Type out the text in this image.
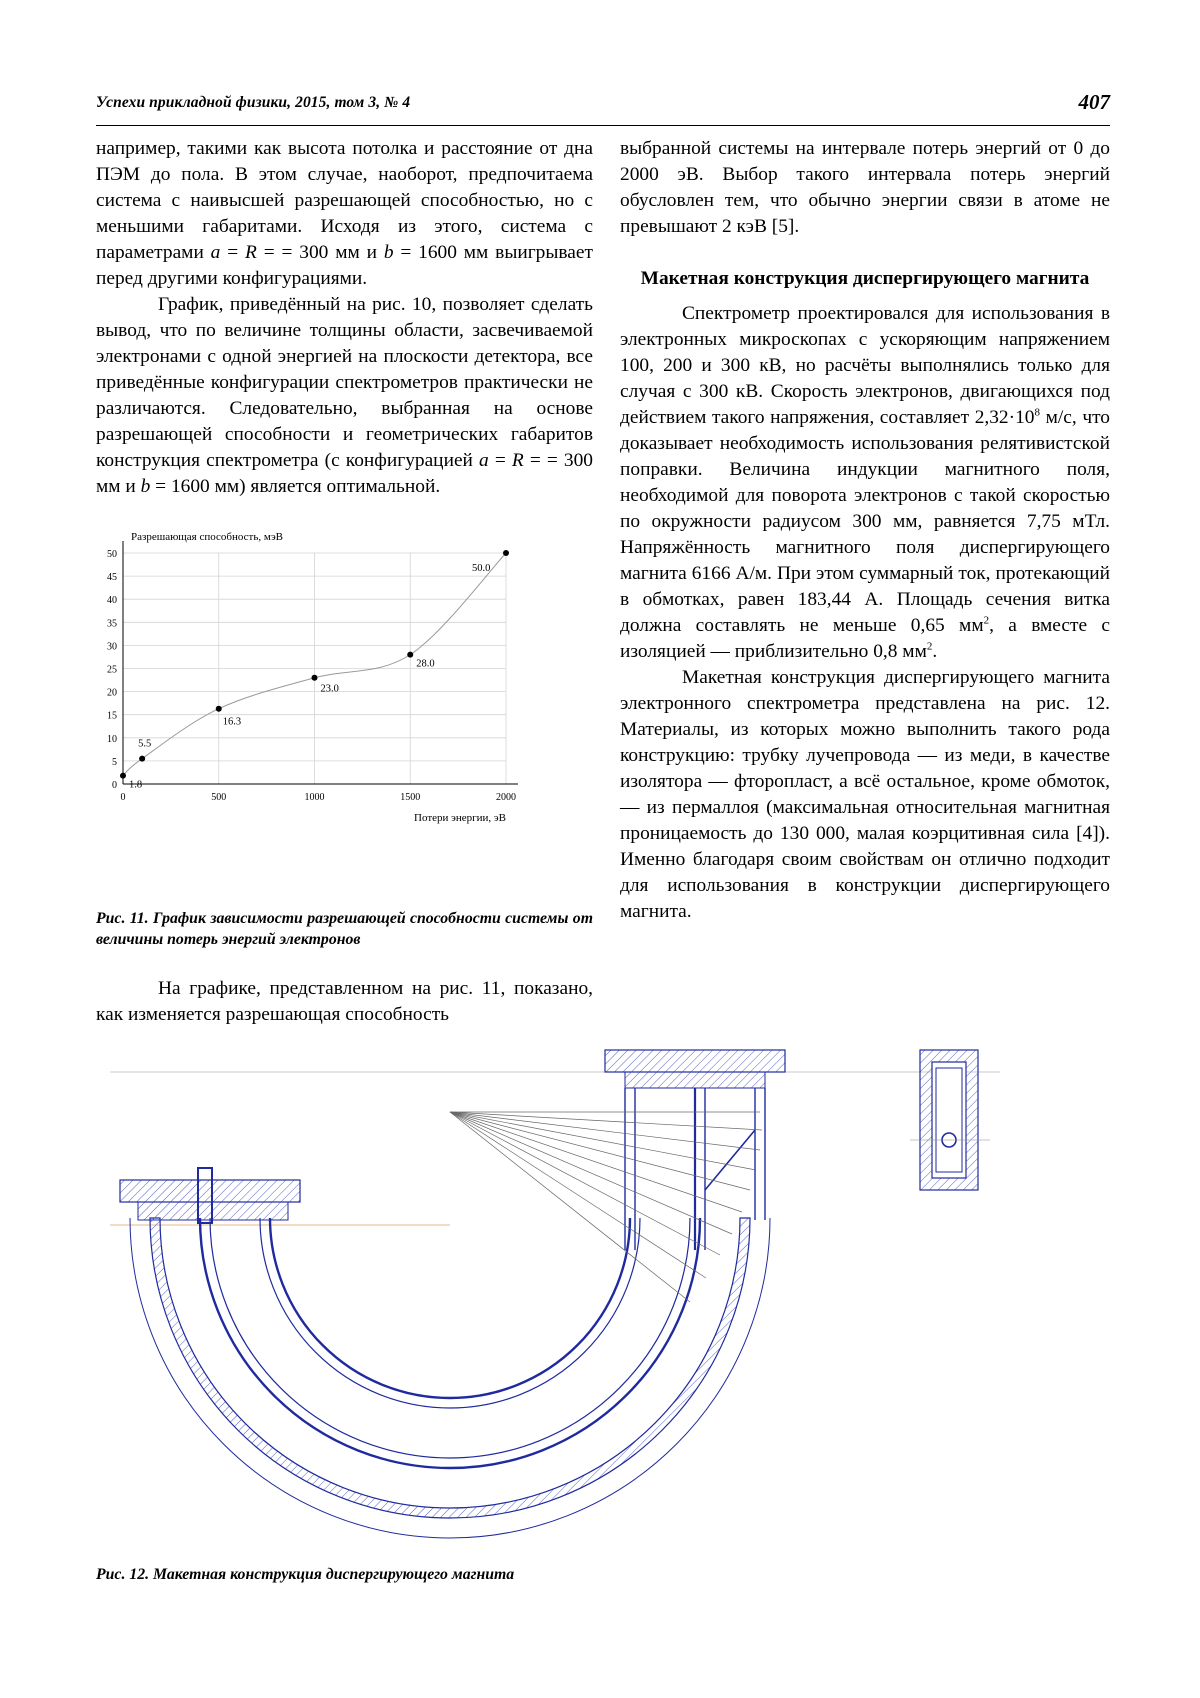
Успехи прикладной физики, 2015, том 3, № 4	407

например, такими как высота потолка и расстояние от дна ПЭМ до пола. В этом случае, наоборот, предпочитаема система с наивысшей разрешающей способностью, но с меньшими габаритами. Исходя из этого, система с параметрами a = R = = 300 мм и b = 1600 мм выигрывает перед другими конфигурациями.

График, приведённый на рис. 10, позволяет сделать вывод, что по величине толщины области, засвечиваемой электронами с одной энергией на плоскости детектора, все приведённые конфигурации спектрометров практически не различаются. Следовательно, выбранная на основе разрешающей способности и геометрических габаритов конструкция спектрометра (с конфигурацией a = R = = 300 мм и b = 1600 мм) является оптимальной.

0
5
10
15
20
25
30
35
40
45
50
0	500	1000	1500	2000
Разрешающая способность, мэВ
Потери энергии, эВ
1.8
5.5
16.3
23.0
28.0
50.0
Рис. 11. График зависимости разрешающей способности системы от величины потерь энергий электронов

На графике, представленном на рис. 11, показано, как изменяется разрешающая способность

выбранной системы на интервале потерь энергий от 0 до 2000 эВ. Выбор такого интервала потерь энергий обусловлен тем, что обычно энергии связи в атоме не превышают 2 кэВ [5].

Макетная конструкция диспергирующего магнита

Спектрометр проектировался для использования в электронных микроскопах с ускоряющим напряжением 100, 200 и 300 кВ, но расчёты выполнялись только для случая с 300 кВ. Скорость электронов, двигающихся под действием такого напряжения, составляет $2,32\cdot 10^8$ м/с, что доказывает необходимость использования релятивистской поправки. Величина индукции магнитного поля, необходимой для поворота электронов с такой скоростью по окружности радиусом 300 мм, равняется 7,75 мТл. Напряжённость магнитного поля диспергирующего магнита 6166 А/м. При этом суммарный ток, протекающий в обмотках, равен 183,44 А. Площадь сечения витка должна составлять не меньше 0,65 $мм^2$, а вместе с изоляцией — приблизительно 0,8 $мм^2$.

Макетная конструкция диспергирующего магнита электронного спектрометра представлена на рис. 12. Материалы, из которых можно выполнить такого рода конструкцию: трубку лучепровода — из меди, в качестве изолятора — фторопласт, а всё остальное, кроме обмоток, — из пермаллоя (максимальная относительная магнитная проницаемость до 130 000, малая коэрцитивная сила [4]). Именно благодаря своим свойствам он отлично подходит для использования в конструкции диспергирующего магнита.

Рис. 12. Макетная конструкция диспергирующего магнита
